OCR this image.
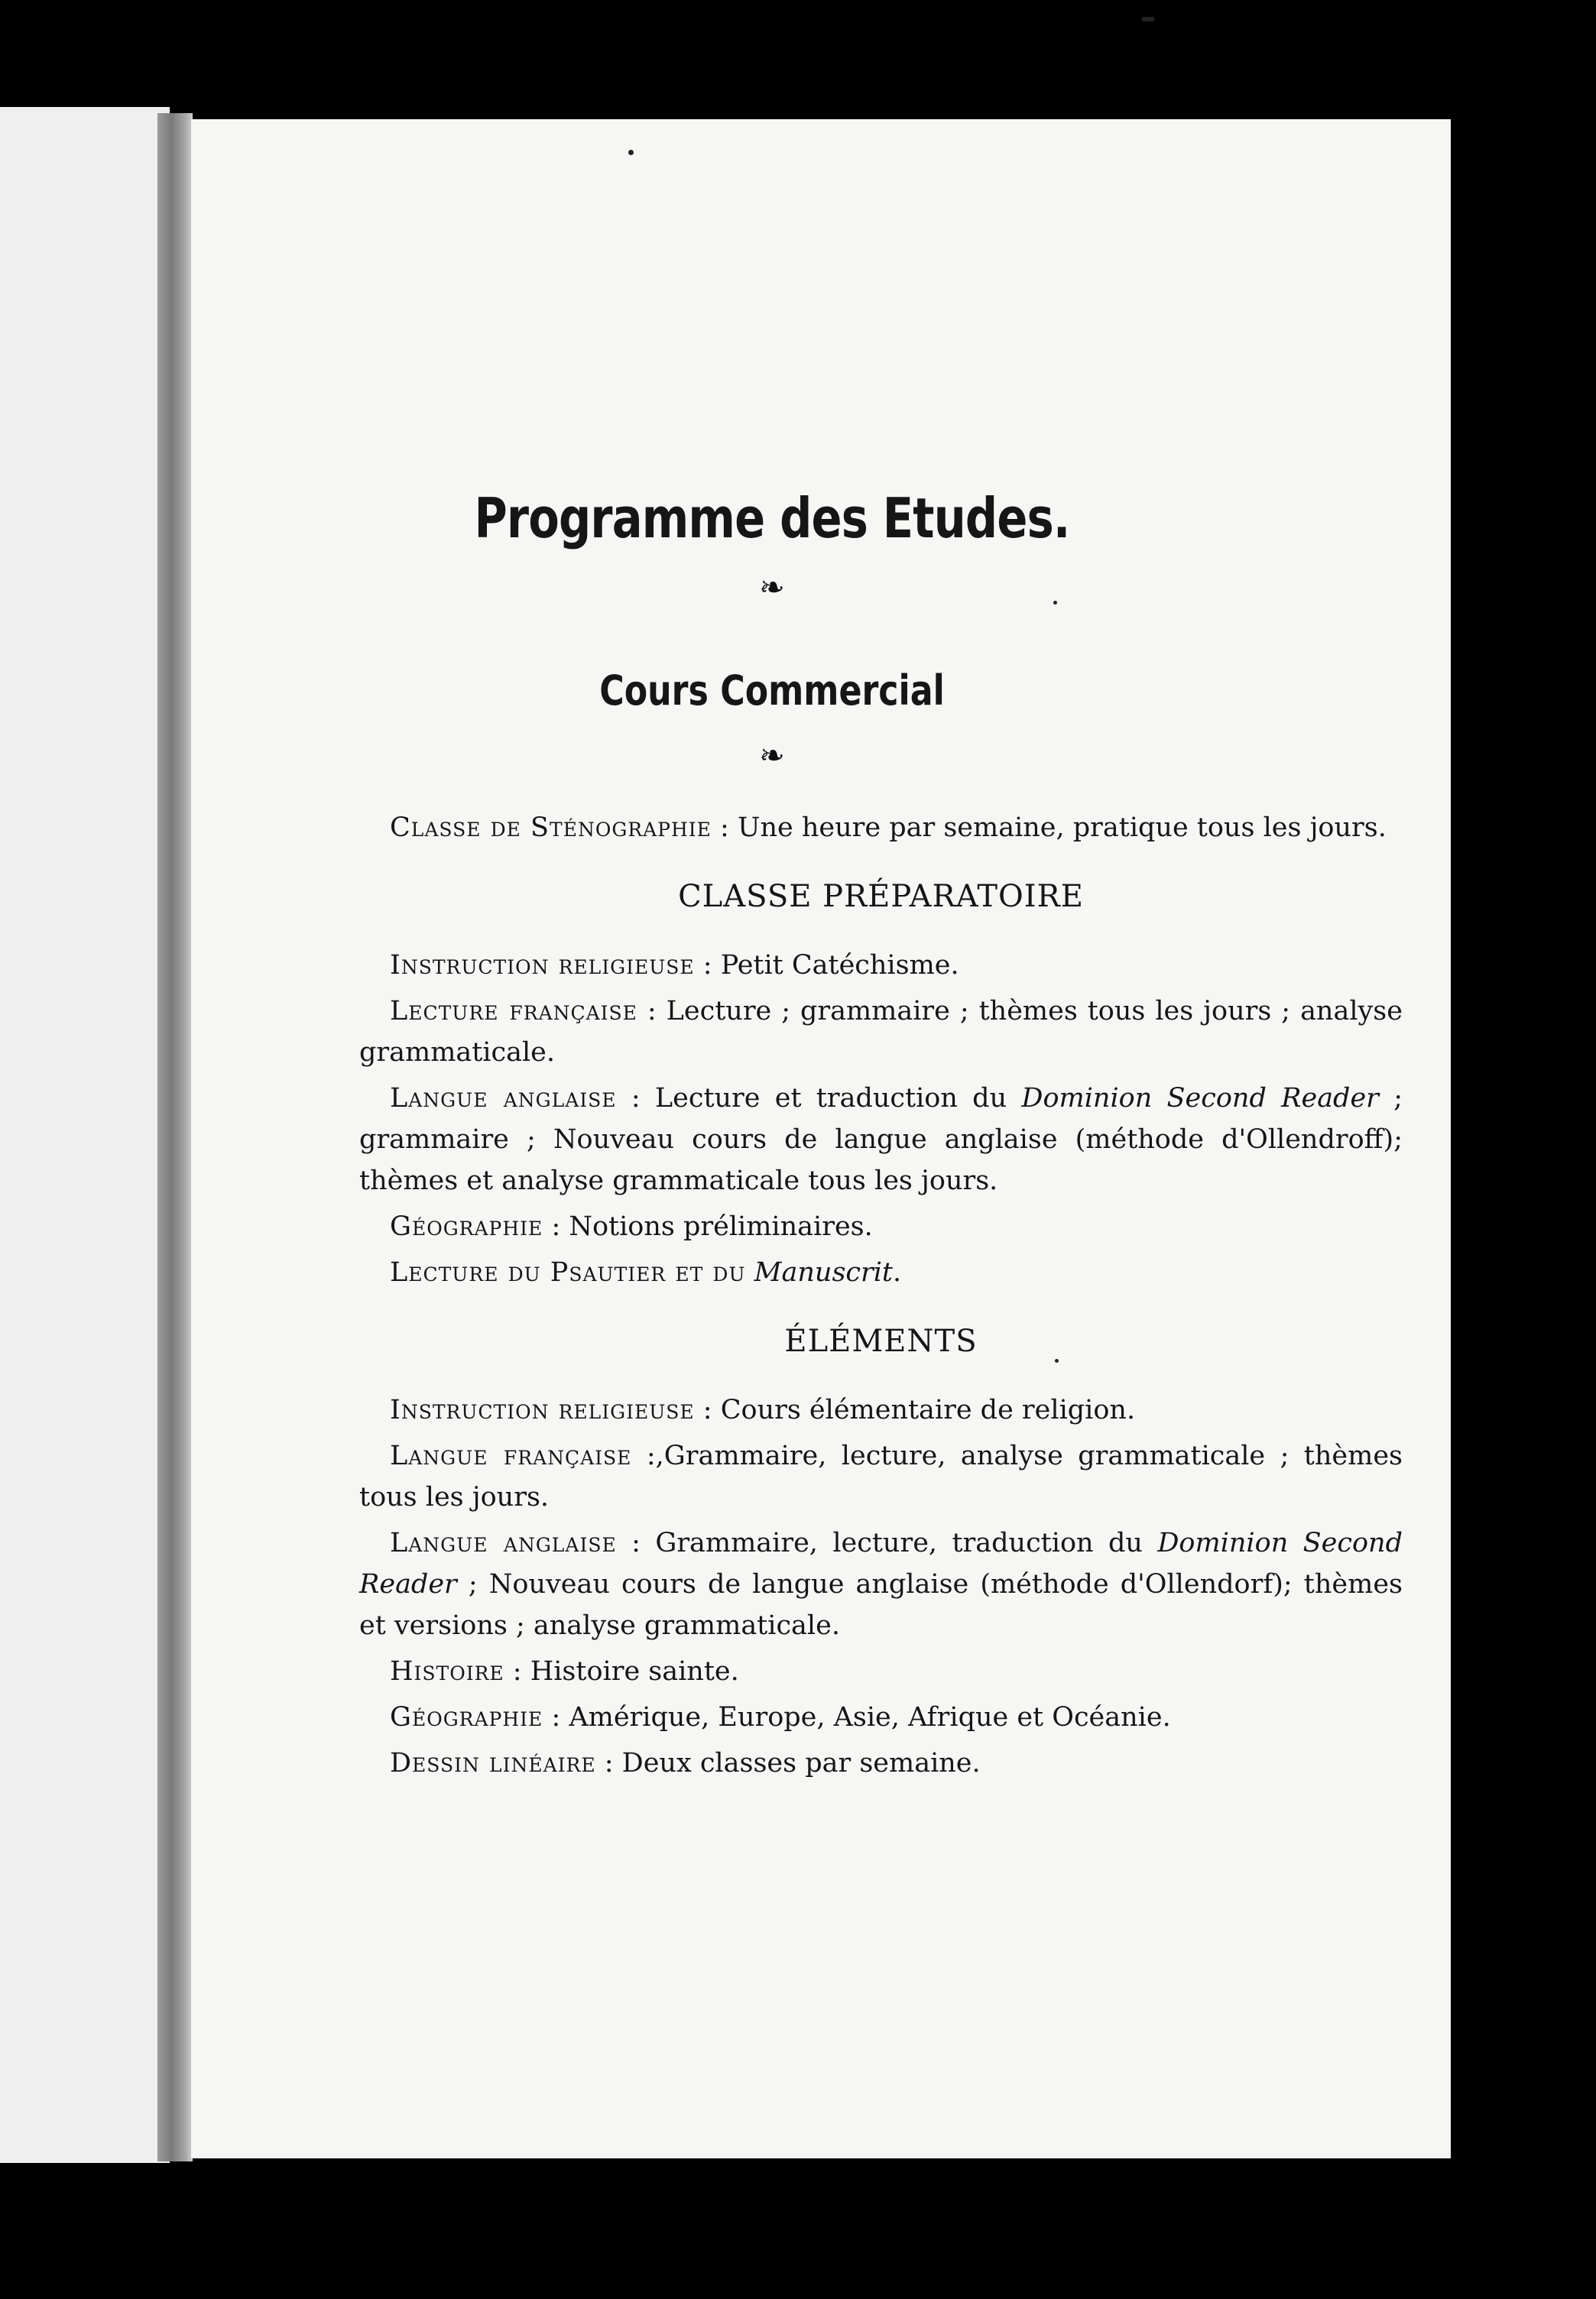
Programme des Etudes.
❧
Cours Commercial
❧

Classe de Sténographie : Une heure par semaine, pratique tous les jours.

CLASSE PRÉPARATOIRE

Instruction religieuse : Petit Catéchisme.

Lecture française : Lecture ; grammaire ; thèmes tous les jours ; analyse grammaticale.

Langue anglaise : Lecture et traduction du Dominion Second Reader ; grammaire ; Nouveau cours de langue anglaise (méthode d'Ollendroff); thèmes et analyse grammaticale tous les jours.

Géographie : Notions préliminaires.

Lecture du Psautier et du Manuscrit.

ÉLÉMENTS

Instruction religieuse : Cours élémentaire de religion.

Langue française :,Grammaire, lecture, analyse grammaticale ; thèmes tous les jours.

Langue anglaise : Grammaire, lecture, traduction du Dominion Second Reader ; Nouveau cours de langue anglaise (méthode d'Ollendorf); thèmes et versions ; analyse grammaticale.

Histoire : Histoire sainte.

Géographie : Amérique, Europe, Asie, Afrique et Océanie.

Dessin linéaire : Deux classes par semaine.
